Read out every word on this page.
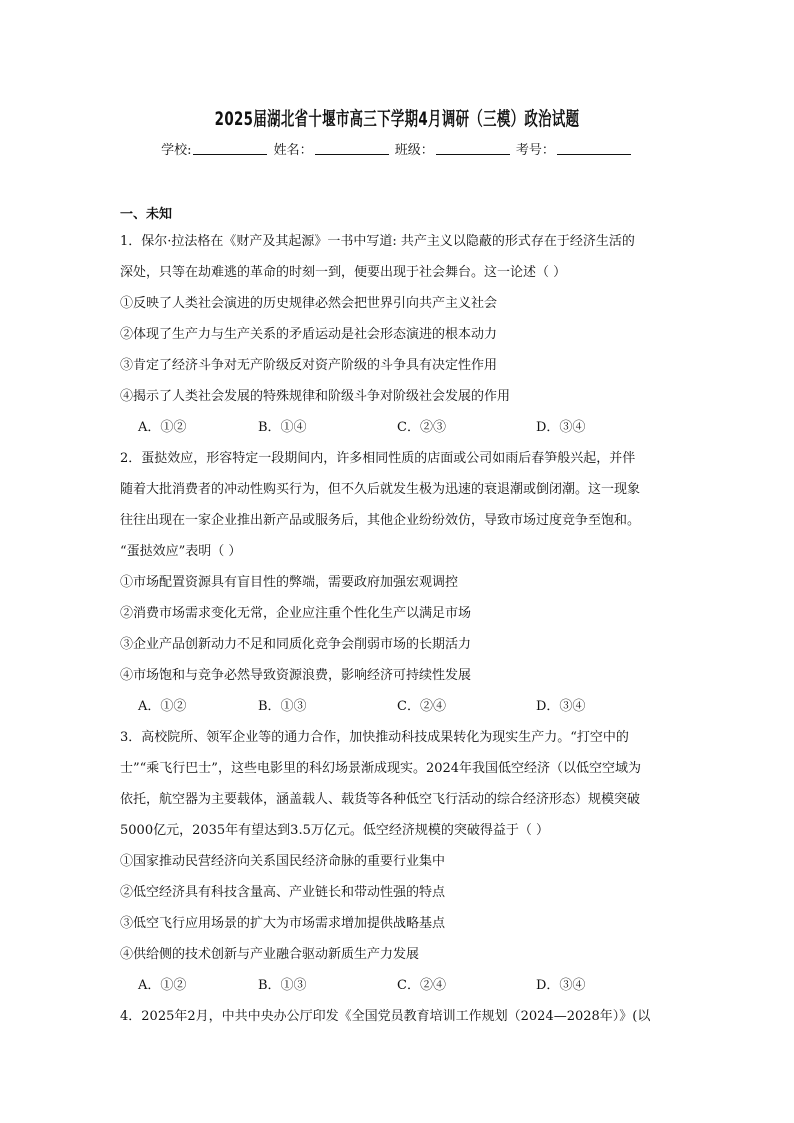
2025届湖北省十堰市高三下学期4月调研（三模）政治试题
学校:	姓名：	班级：	考号：
一、未知
1．保尔·拉法格在《财产及其起源》一书中写道: 共产主义以隐蔽的形式存在于经济生活的
深处，只等在劫难逃的革命的时刻一到，便要出现于社会舞台。这一论述（ ）
①反映了人类社会演进的历史规律必然会把世界引向共产主义社会
②体现了生产力与生产关系的矛盾运动是社会形态演进的根本动力
③肯定了经济斗争对无产阶级反对资产阶级的斗争具有决定性作用
④揭示了人类社会发展的特殊规律和阶级斗争对阶级社会发展的作用
A．①②	B．①④	C．②③	D．③④
2．蛋挞效应，形容特定一段期间内，许多相同性质的店面或公司如雨后春笋般兴起，并伴
随着大批消费者的冲动性购买行为，但不久后就发生极为迅速的衰退潮或倒闭潮。这一现象
往往出现在一家企业推出新产品或服务后，其他企业纷纷效仿，导致市场过度竞争至饱和。
“蛋挞效应”表明（ ）
①市场配置资源具有盲目性的弊端，需要政府加强宏观调控
②消费市场需求变化无常，企业应注重个性化生产以满足市场
③企业产品创新动力不足和同质化竞争会削弱市场的长期活力
④市场饱和与竞争必然导致资源浪费，影响经济可持续性发展
A．①②	B．①③	C．②④	D．③④
3．高校院所、领军企业等的通力合作，加快推动科技成果转化为现实生产力。“打空中的
士”“乘飞行巴士”，这些电影里的科幻场景渐成现实。2024年我国低空经济（以低空空域为
依托，航空器为主要载体，涵盖载人、载货等各种低空飞行活动的综合经济形态）规模突破
5000亿元，2035年有望达到3.5万亿元。低空经济规模的突破得益于（ ）
①国家推动民营经济向关系国民经济命脉的重要行业集中
②低空经济具有科技含量高、产业链长和带动性强的特点
③低空飞行应用场景的扩大为市场需求增加提供战略基点
④供给侧的技术创新与产业融合驱动新质生产力发展
A．①②	B．①③	C．②④	D．③④
4．2025年2月，中共中央办公厅印发《全国党员教育培训工作规划（2024—2028年）》(以
